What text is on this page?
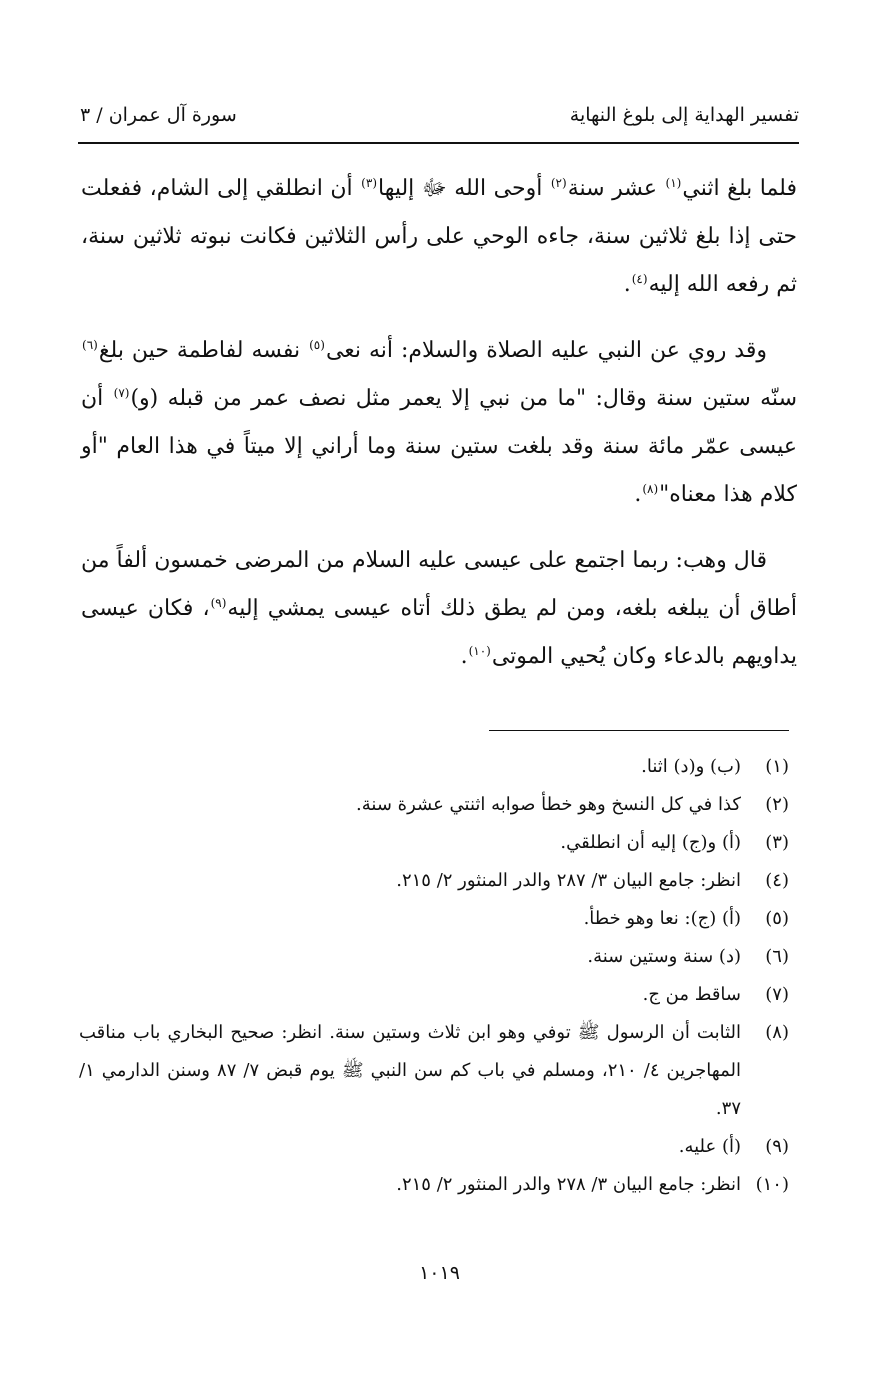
تفسير الهداية إلى بلوغ النهاية
سورة آل عمران / ٣

فلما بلغ اثني$^{(١)}$ عشر سنة$^{(٢)}$ أوحى الله ﷻ إليها$^{(٣)}$ أن انطلقي إلى الشام، ففعلت حتى إذا بلغ ثلاثين سنة، جاءه الوحي على رأس الثلاثين فكانت نبوته ثلاثين سنة، ثم رفعه الله إليه$^{(٤)}$.

وقد روي عن النبي عليه الصلاة والسلام: أنه نعى$^{(٥)}$ نفسه لفاطمة حين بلغ$^{(٦)}$ سنّه ستين سنة وقال: "ما من نبي إلا يعمر مثل نصف عمر من قبله (و)$^{(٧)}$ أن عيسى عمّر مائة سنة وقد بلغت ستين سنة وما أراني إلا ميتاً في هذا العام "أو كلام هذا معناه"$^{(٨)}$.

قال وهب: ربما اجتمع على عيسى عليه السلام من المرضى خمسون ألفاً من أطاق أن يبلغه بلغه، ومن لم يطق ذلك أتاه عيسى يمشي إليه$^{(٩)}$، فكان عيسى يداويهم بالدعاء وكان يُحيي الموتى$^{(١٠)}$.

(١)
(ب) و(د) اثنا.
(٢)
كذا في كل النسخ وهو خطأ صوابه اثنتي عشرة سنة.
(٣)
(أ) و(ج) إليه أن انطلقي.
(٤)
انظر: جامع البيان ٣/ ٢٨٧ والدر المنثور ٢/ ٢١٥.
(٥)
(أ) (ج): نعا وهو خطأ.
(٦)
(د) سنة وستين سنة.
(٧)
ساقط من ج.
(٨)
الثابت أن الرسول ﷺ توفي وهو ابن ثلاث وستين سنة. انظر: صحيح البخاري باب مناقب المهاجرين ٤/ ٢١٠، ومسلم في باب كم سن النبي ﷺ يوم قبض ٧/ ٨٧ وسنن الدارمي ١/ ٣٧.
(٩)
(أ) عليه.
(١٠)
انظر: جامع البيان ٣/ ٢٧٨ والدر المنثور ٢/ ٢١٥.
١٠١٩
